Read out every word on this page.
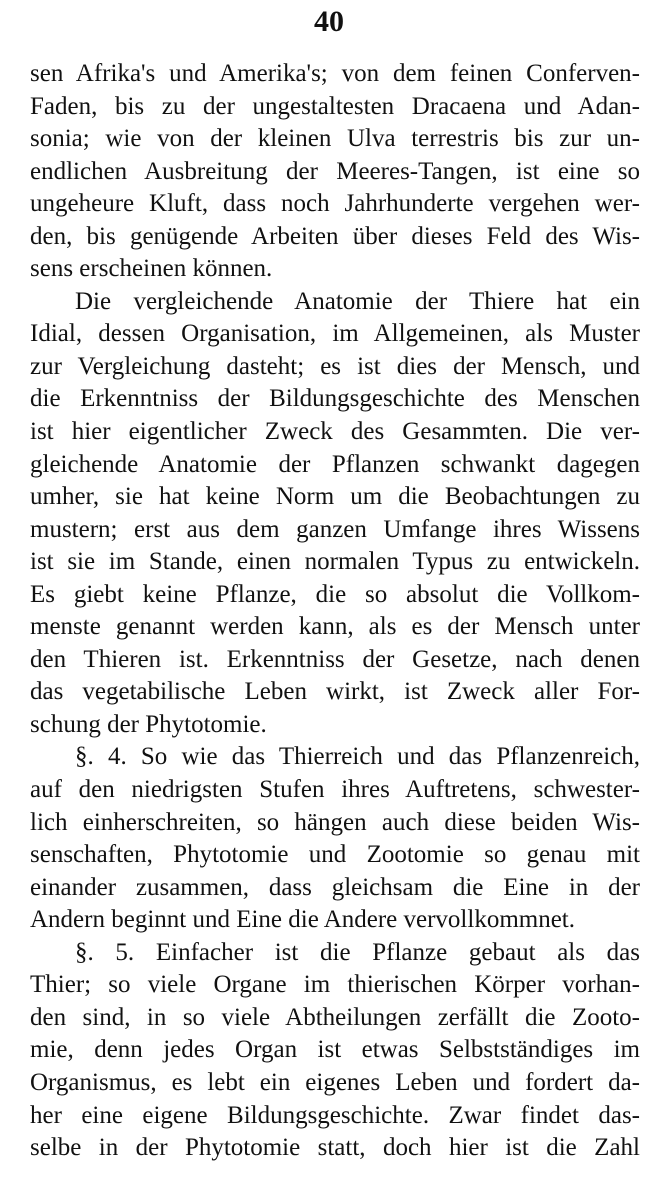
40
sen Afrika's und Amerika's; von dem feinen Conferven-
Faden, bis zu der ungestaltesten Dracaena und Adan-
sonia; wie von der kleinen Ulva terrestris bis zur un-
endlichen Ausbreitung der Meeres-Tangen, ist eine so
ungeheure Kluft, dass noch Jahrhunderte vergehen wer-
den, bis genügende Arbeiten über dieses Feld des Wis-
sens erscheinen können.
Die vergleichende Anatomie der Thiere hat ein
Idial, dessen Organisation, im Allgemeinen, als Muster
zur Vergleichung dasteht; es ist dies der Mensch, und
die Erkenntniss der Bildungsgeschichte des Menschen
ist hier eigentlicher Zweck des Gesammten. Die ver-
gleichende Anatomie der Pflanzen schwankt dagegen
umher, sie hat keine Norm um die Beobachtungen zu
mustern; erst aus dem ganzen Umfange ihres Wissens
ist sie im Stande, einen normalen Typus zu entwickeln.
Es giebt keine Pflanze, die so absolut die Vollkom-
menste genannt werden kann, als es der Mensch unter
den Thieren ist. Erkenntniss der Gesetze, nach denen
das vegetabilische Leben wirkt, ist Zweck aller For-
schung der Phytotomie.
§. 4. So wie das Thierreich und das Pflanzenreich,
auf den niedrigsten Stufen ihres Auftretens, schwester-
lich einherschreiten, so hängen auch diese beiden Wis-
senschaften, Phytotomie und Zootomie so genau mit
einander zusammen, dass gleichsam die Eine in der
Andern beginnt und Eine die Andere vervollkommnet.
§. 5. Einfacher ist die Pflanze gebaut als das
Thier; so viele Organe im thierischen Körper vorhan-
den sind, in so viele Abtheilungen zerfällt die Zooto-
mie, denn jedes Organ ist etwas Selbstständiges im
Organismus, es lebt ein eigenes Leben und fordert da-
her eine eigene Bildungsgeschichte. Zwar findet das-
selbe in der Phytotomie statt, doch hier ist die Zahl
